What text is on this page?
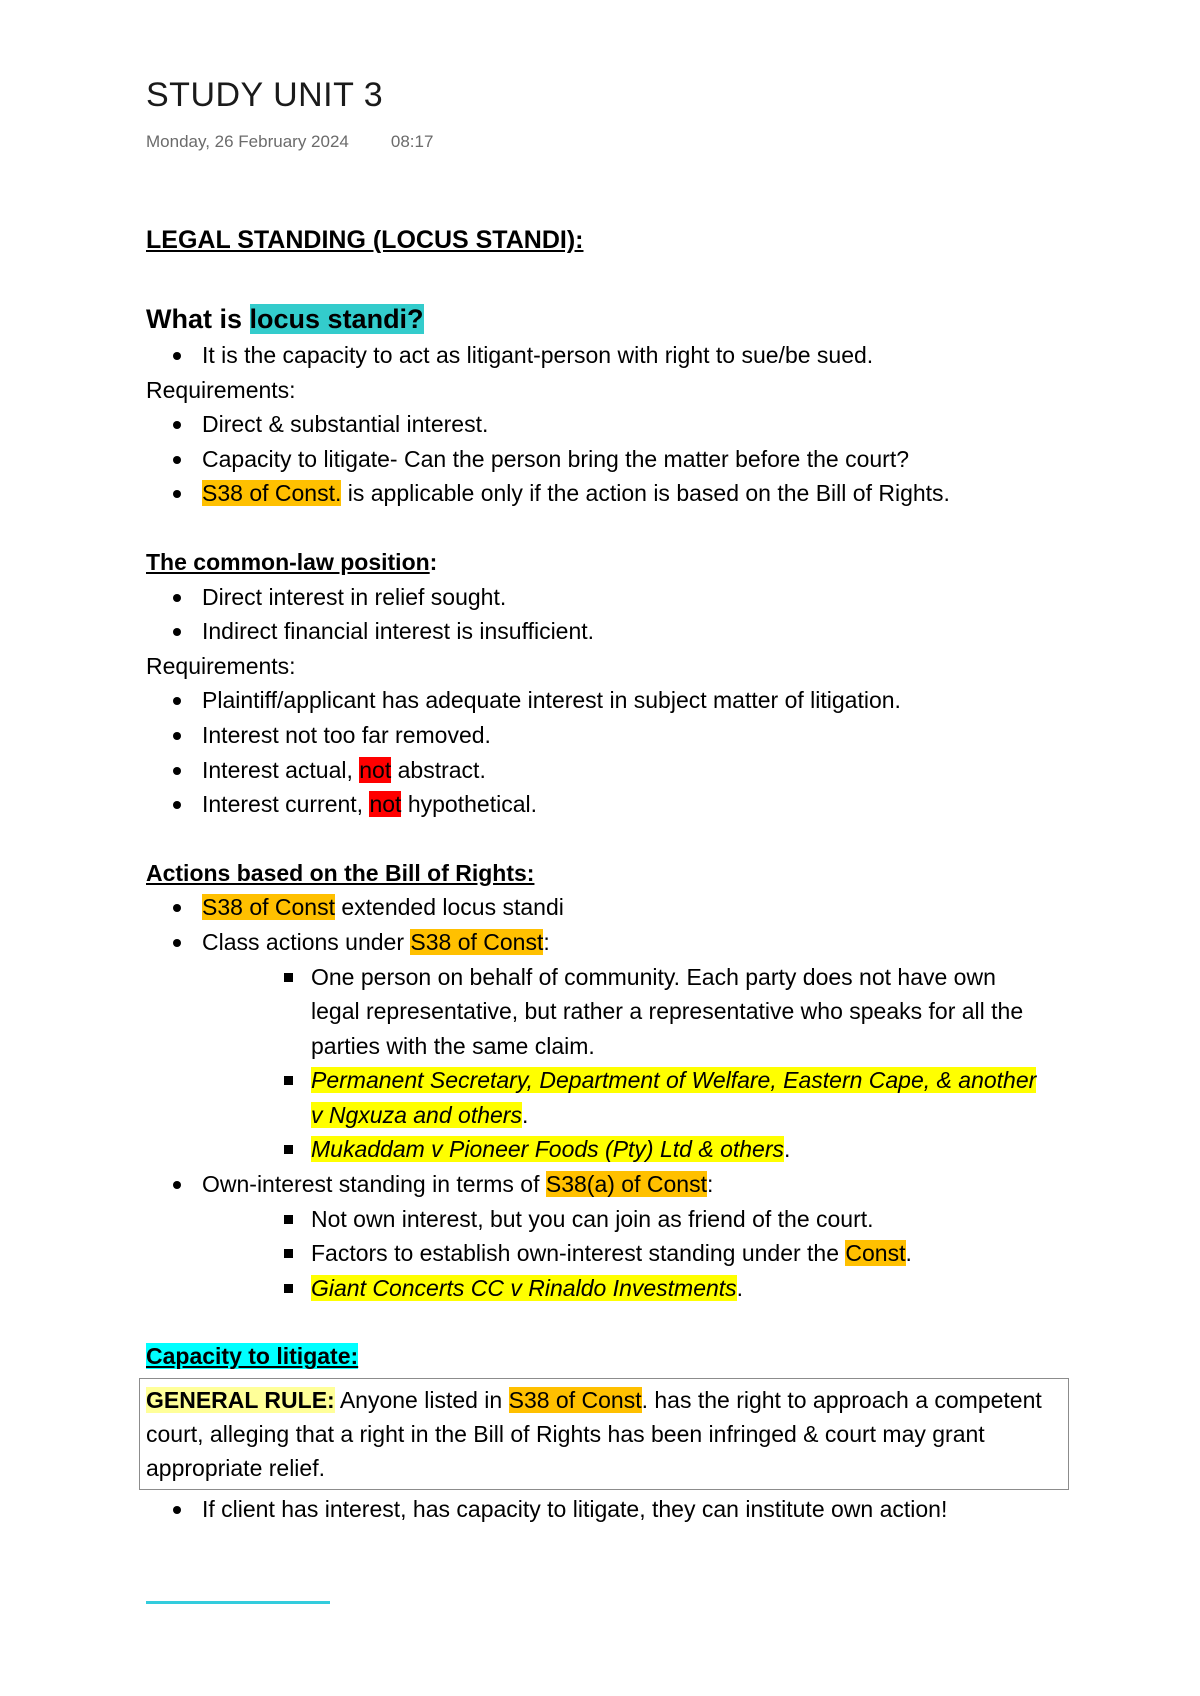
STUDY UNIT 3
Monday, 26 February 2024 08:17

LEGAL STANDING (LOCUS STANDI):

What is locus standi?

It is the capacity to act as litigant-person with right to sue/be sued.

Requirements:

Direct & substantial interest.
Capacity to litigate- Can the person bring the matter before the court?
S38 of Const. is applicable only if the action is based on the Bill of Rights.

The common-law position:

Direct interest in relief sought.
Indirect financial interest is insufficient.

Requirements:

Plaintiff/applicant has adequate interest in subject matter of litigation.
Interest not too far removed.
Interest actual, not abstract.
Interest current, not hypothetical.

Actions based on the Bill of Rights:

S38 of Const extended locus standi
Class actions under S38 of Const:
One person on behalf of community. Each party does not have own legal representative, but rather a representative who speaks for all the parties with the same claim.
Permanent Secretary, Department of Welfare, Eastern Cape, & another v Ngxuza and others.
Mukaddam v Pioneer Foods (Pty) Ltd & others.
Own-interest standing in terms of S38(a) of Const:
Not own interest, but you can join as friend of the court.
Factors to establish own-interest standing under the Const.
Giant Concerts CC v Rinaldo Investments.

Capacity to litigate:

GENERAL RULE: Anyone listed in S38 of Const. has the right to approach a competent court, alleging that a right in the Bill of Rights has been infringed & court may grant appropriate relief.
If client has interest, has capacity to litigate, they can institute own action!
